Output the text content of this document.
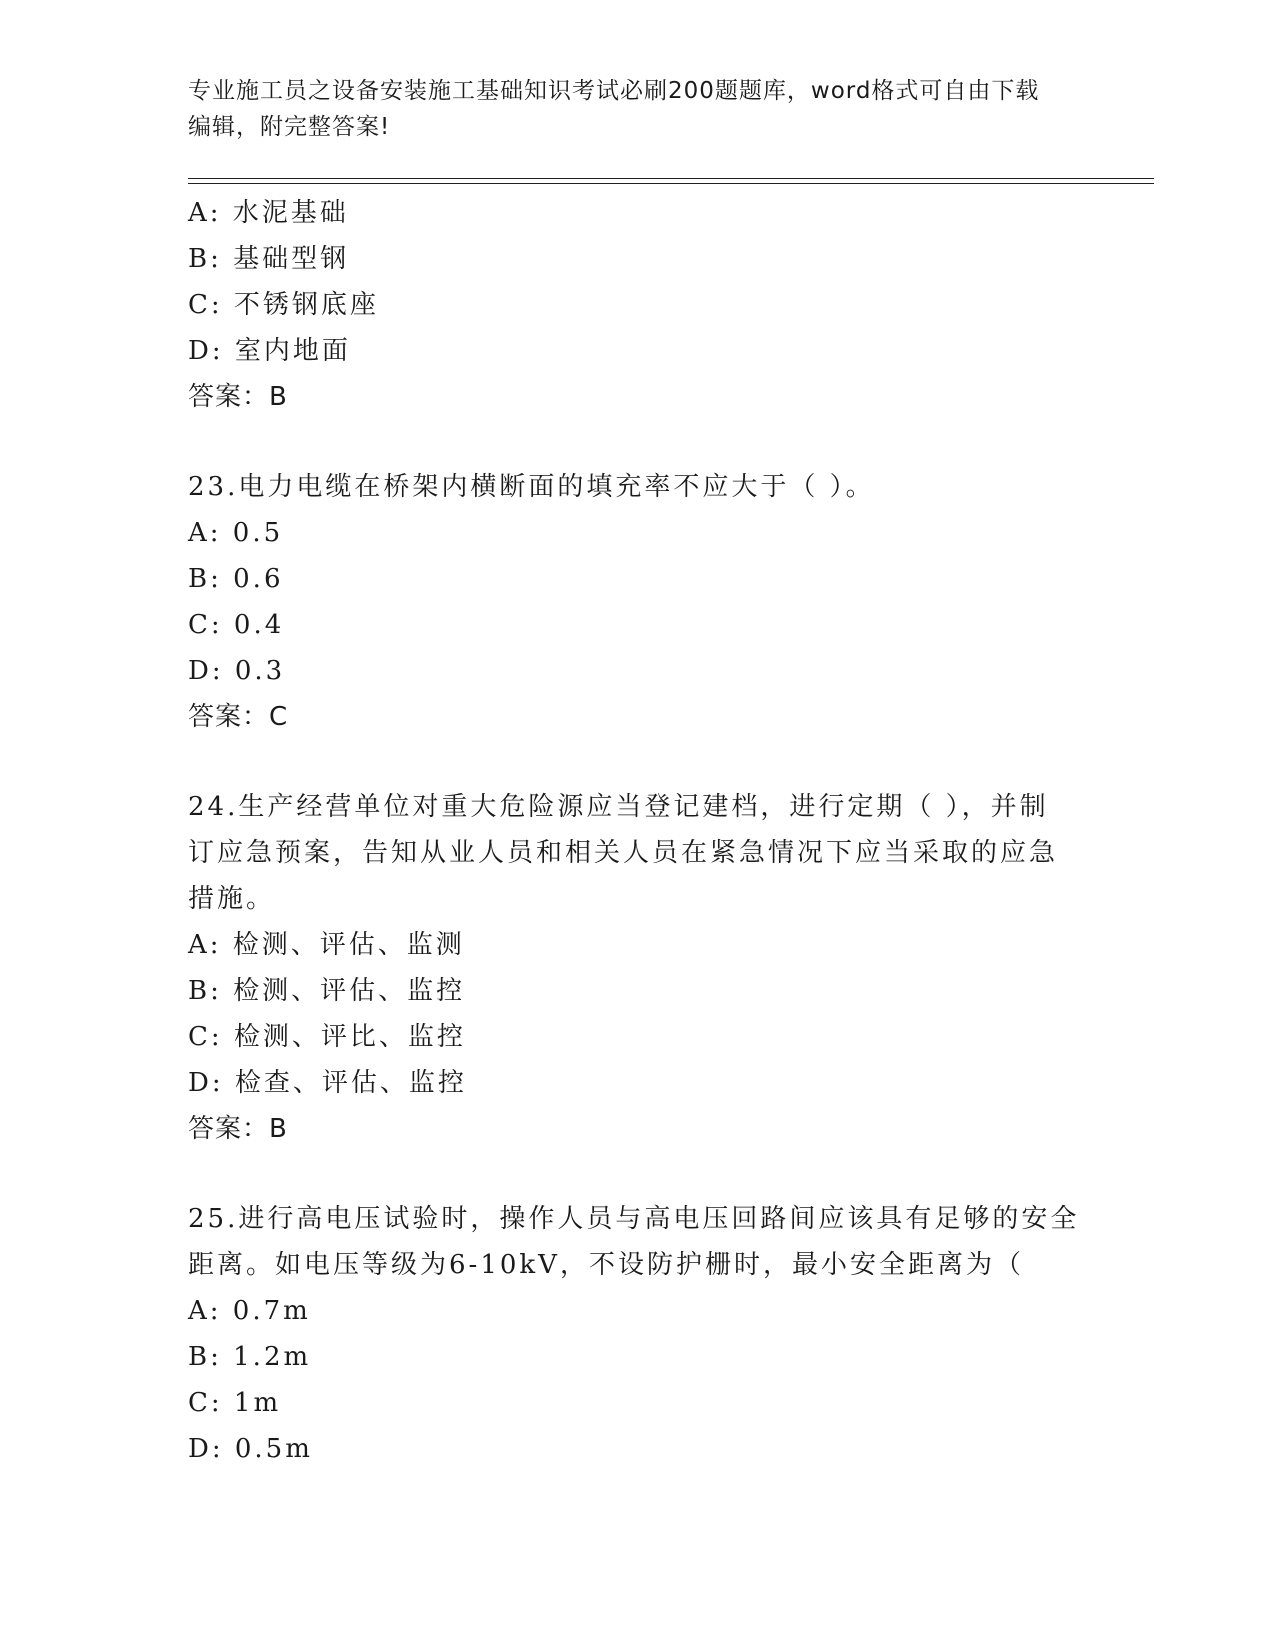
专业施工员之设备安装施工基础知识考试必刷200题题库，word格式可自由下载
编辑，附完整答案!
A: 水泥基础
B: 基础型钢
C: 不锈钢底座
D: 室内地面
答案：B
23.电力电缆在桥架内横断面的填充率不应大于（ ）。
A: 0.5
B: 0.6
C: 0.4
D: 0.3
答案：C
24.生产经营单位对重大危险源应当登记建档，进行定期（ ），并制
订应急预案，告知从业人员和相关人员在紧急情况下应当采取的应急
措施。
A: 检测、评估、监测
B: 检测、评估、监控
C: 检测、评比、监控
D: 检查、评估、监控
答案：B
25.进行高电压试验时，操作人员与高电压回路间应该具有足够的安全
距离。如电压等级为6-10kV，不设防护栅时，最小安全距离为（
A: 0.7m
B: 1.2m
C: 1m
D: 0.5m
